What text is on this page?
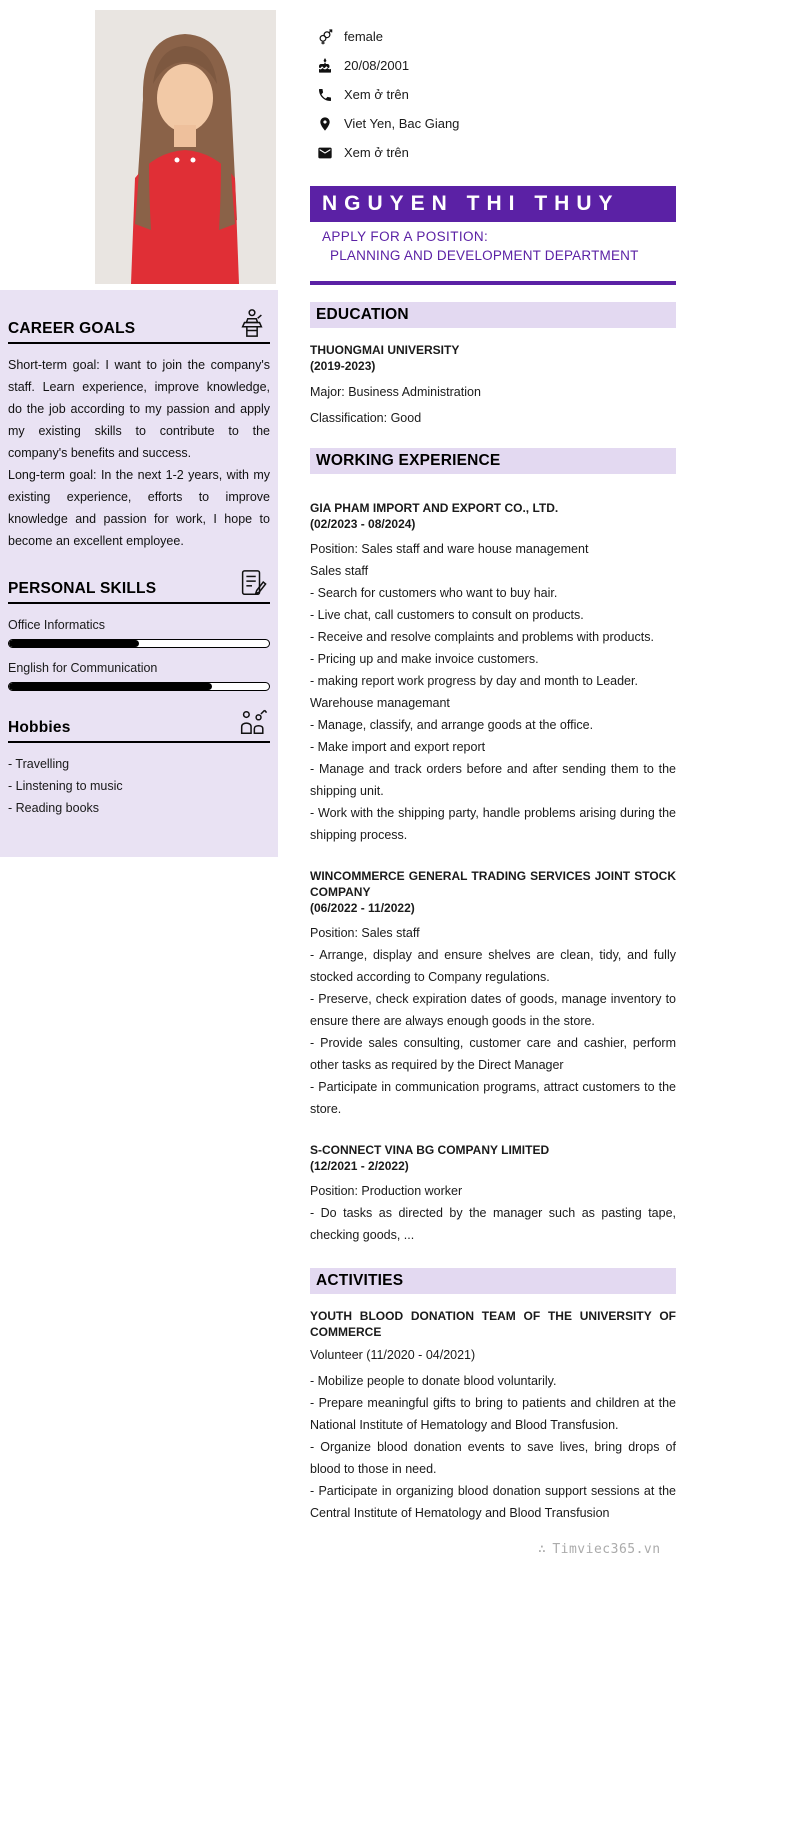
female
20/08/2001
Xem ở trên
Viet Yen, Bac Giang
Xem ở trên
NGUYEN THI THUY
APPLY FOR A POSITION:
PLANNING AND DEVELOPMENT DEPARTMENT
CAREER GOALS

Short-term goal: I want to join the company's staff. Learn experience, improve knowledge, do the job according to my passion and apply my existing skills to contribute to the company's benefits and success.

Long-term goal: In the next 1-2 years, with my existing experience, efforts to improve knowledge and passion for work, I hope to become an excellent employee.

PERSONAL SKILLS
Office Informatics
English for Communication
Hobbies
- Travelling
- Linstening to music
- Reading books
EDUCATION
THUONGMAI UNIVERSITY
(2019-2023)
Major: Business Administration
Classification: Good
WORKING EXPERIENCE
GIA PHAM IMPORT AND EXPORT CO., LTD.
(02/2023 - 08/2024)
Position: Sales staff and ware house management
Sales staff
- Search for customers who want to buy hair.
- Live chat, call customers to consult on products.
- Receive and resolve complaints and problems with products.
- Pricing up and make invoice customers.
- making report work progress by day and month to Leader.
Warehouse managemant
- Manage, classify, and arrange goods at the office.
- Make import and export report
- Manage and track orders before and after sending them to the shipping unit.
- Work with the shipping party, handle problems arising during the shipping process.
WINCOMMERCE GENERAL TRADING SERVICES JOINT STOCK COMPANY
(06/2022 - 11/2022)
Position: Sales staff
- Arrange, display and ensure shelves are clean, tidy, and fully stocked according to Company regulations.
- Preserve, check expiration dates of goods, manage inventory to ensure there are always enough goods in the store.
- Provide sales consulting, customer care and cashier, perform other tasks as required by the Direct Manager
- Participate in communication programs, attract customers to the store.
S-CONNECT VINA BG COMPANY LIMITED
(12/2021 - 2/2022)
Position: Production worker
- Do tasks as directed by the manager such as pasting tape, checking goods, ...
ACTIVITIES
YOUTH BLOOD DONATION TEAM OF THE UNIVERSITY OF COMMERCE
Volunteer (11/2020 - 04/2021)
- Mobilize people to donate blood voluntarily.
- Prepare meaningful gifts to bring to patients and children at the National Institute of Hematology and Blood Transfusion.
- Organize blood donation events to save lives, bring drops of blood to those in need.
- Participate in organizing blood donation support sessions at the Central Institute of Hematology and Blood Transfusion
∴ Timviec365.vn
